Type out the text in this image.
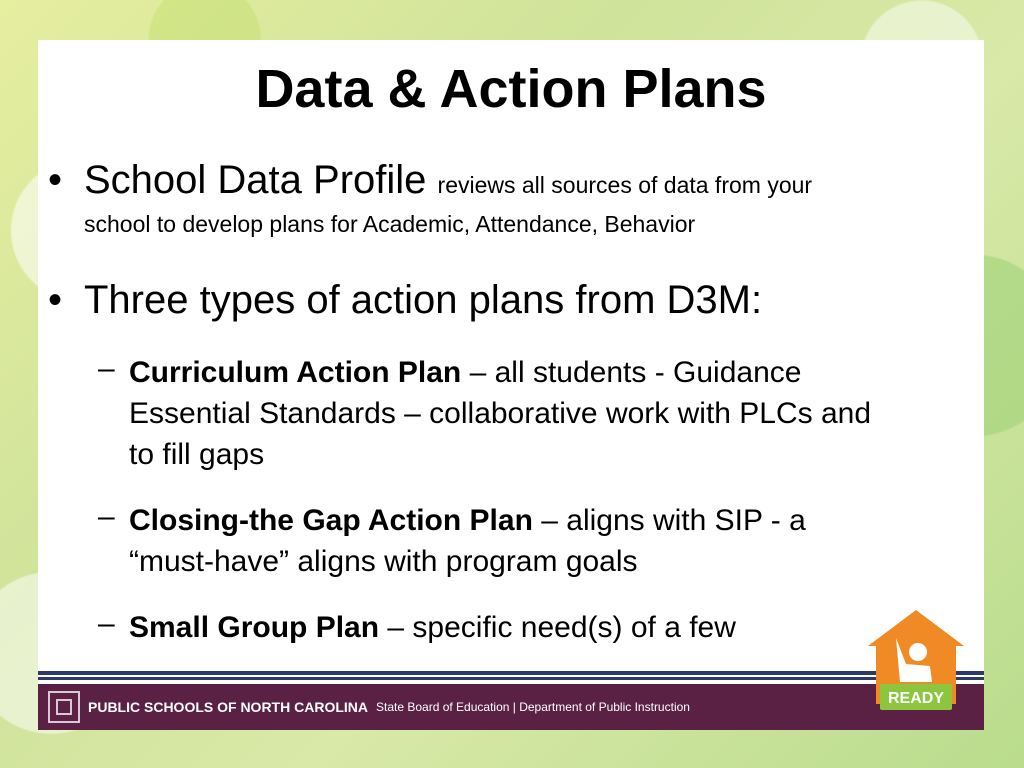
Data & Action Plans
• School Data Profile reviews all sources of data from your
school to develop plans for Academic, Attendance, Behavior
• Three types of action plans from D3M:
– Curriculum Action Plan – all students - Guidance
Essential Standards – collaborative work with PLCs and
to fill gaps
– Closing-the Gap Action Plan – aligns with SIP - a
“must-have” aligns with program goals
– Small Group Plan – specific need(s) of a few
PUBLIC SCHOOLS OF NORTH CAROLINA State Board of Education | Department of Public Instruction	READY
